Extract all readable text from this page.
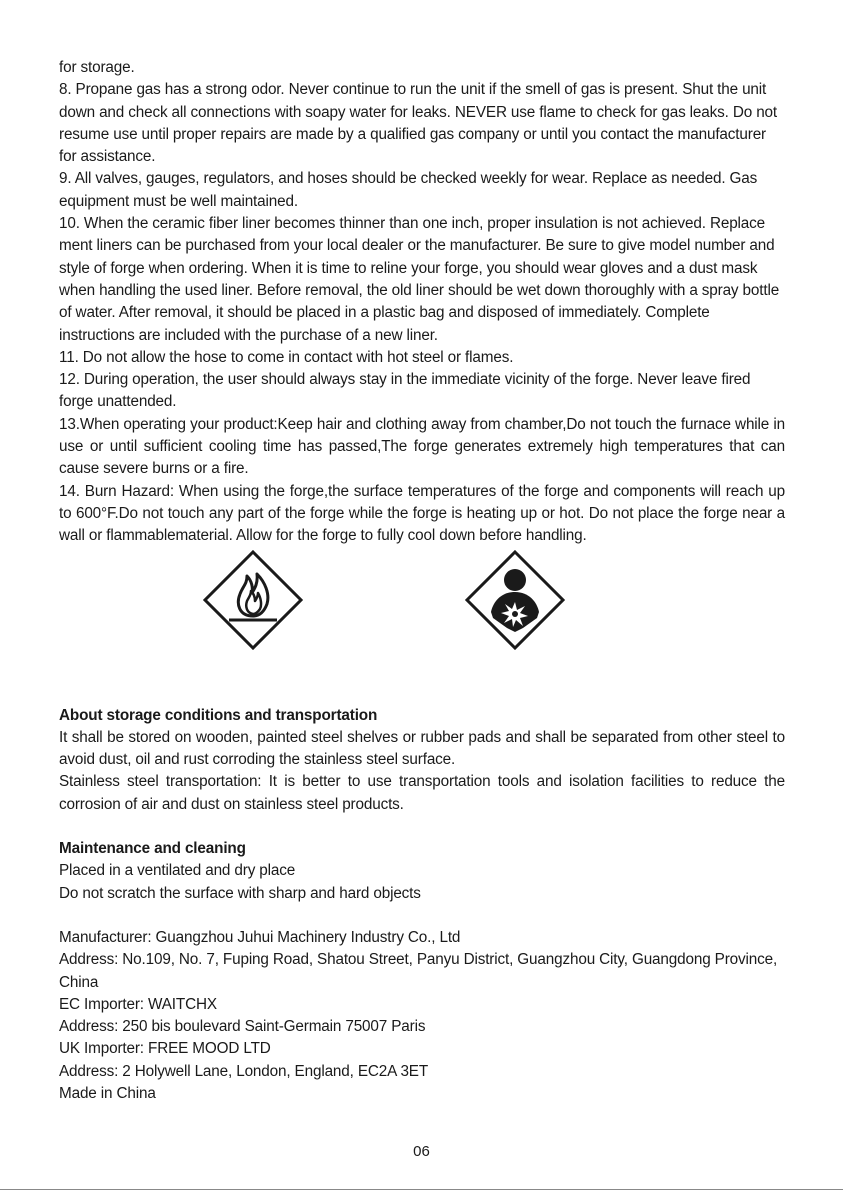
for storage.

8. Propane gas has a strong odor. Never continue to run the unit if the smell of gas is present. Shut the unit down and check all connections with soapy water for leaks. NEVER use flame to check for gas leaks. Do not resume use until proper repairs are made by a qualified gas company or until you contact the manufacturer for assistance.

9. All valves, gauges, regulators, and hoses should be checked weekly for wear. Replace as needed. Gas equipment must be well maintained.

10. When the ceramic fiber liner becomes thinner than one inch, proper insulation is not achieved. Replace ment liners can be purchased from your local dealer or the manufacturer. Be sure to give model number and style of forge when ordering. When it is time to reline your forge, you should wear gloves and a dust mask when handling the used liner. Before removal, the old liner should be wet down thoroughly with a spray bottle of water. After removal, it should be placed in a plastic bag and disposed of immediately. Complete instructions are included with the purchase of a new liner.

11. Do not allow the hose to come in contact with hot steel or flames.

12. During operation, the user should always stay in the immediate vicinity of the forge. Never leave fired forge unattended.

13.When operating your product:Keep hair and clothing away from chamber,Do not touch the furnace while in use or until sufficient cooling time has passed,The forge generates extremely high temperatures that can cause severe burns or a fire.

14. Burn Hazard: When using the forge,the surface temperatures of the forge and components will reach up to 600°F.Do not touch any part of the forge while the forge is heating up or hot. Do not place the forge near a wall or flammablematerial. Allow for the forge to fully cool down before handling.

About storage conditions and transportation

It shall be stored on wooden, painted steel shelves or rubber pads and shall be separated from other steel to avoid dust, oil and rust corroding the stainless steel surface.

Stainless steel transportation: It is better to use transportation tools and isolation facilities to reduce the corrosion of air and dust on stainless steel products.

Maintenance and cleaning

Placed in a ventilated and dry place

Do not scratch the surface with sharp and hard objects

Manufacturer: Guangzhou Juhui Machinery Industry Co., Ltd

Address: No.109, No. 7, Fuping Road, Shatou Street, Panyu District, Guangzhou City, Guangdong Province, China

EC Importer: WAITCHX

Address: 250 bis boulevard Saint-Germain 75007 Paris

UK Importer: FREE MOOD LTD

Address: 2 Holywell Lane, London, England, EC2A 3ET

Made in China

06
